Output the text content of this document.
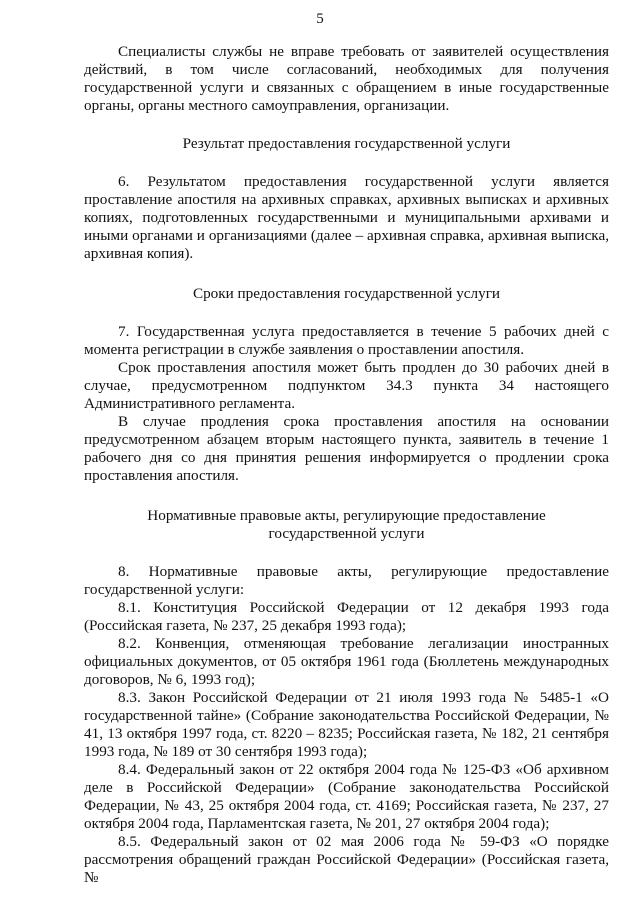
5

Специалисты службы не вправе требовать от заявителей осуществления действий, в том числе согласований, необходимых для получения государственной услуги и связанных с обращением в иные государственные органы, органы местного самоуправления, организации.

Результат предоставления государственной услуги

6. Результатом предоставления государственной услуги является проставление апостиля на архивных справках, архивных выписках и архивных копиях, подготовленных государственными и муниципальными архивами и иными органами и организациями (далее – архивная справка, архивная выписка, архивная копия).

Сроки предоставления государственной услуги

7. Государственная услуга предоставляется в течение 5 рабочих дней с момента регистрации в службе заявления о проставлении апостиля.

Срок проставления апостиля может быть продлен до 30 рабочих дней в случае, предусмотренном подпунктом 34.3 пункта 34 настоящего Административного регламента.

В случае продления срока проставления апостиля на основании предусмотренном абзацем вторым настоящего пункта, заявитель в течение 1 рабочего дня со дня принятия решения информируется о продлении срока проставления апостиля.

Нормативные правовые акты, регулирующие предоставление
государственной услуги

8. Нормативные правовые акты, регулирующие предоставление государственной услуги:

8.1. Конституция Российской Федерации от 12 декабря 1993 года (Российская газета, № 237, 25 декабря 1993 года);

8.2. Конвенция, отменяющая требование легализации иностранных официальных документов, от 05 октября 1961 года (Бюллетень международных договоров, № 6, 1993 год);

8.3. Закон Российской Федерации от 21 июля 1993 года № 5485-1 «О государственной тайне» (Собрание законодательства Российской Федерации, № 41, 13 октября 1997 года, ст. 8220 – 8235; Российская газета, № 182, 21 сентября 1993 года, № 189 от 30 сентября 1993 года);

8.4. Федеральный закон от 22 октября 2004 года № 125-ФЗ «Об архивном деле в Российской Федерации» (Собрание законодательства Российской Федерации, № 43, 25 октября 2004 года, ст. 4169; Российская газета, № 237, 27 октября 2004 года, Парламентская газета, № 201, 27 октября 2004 года);

8.5. Федеральный закон от 02 мая 2006 года № 59-ФЗ «О порядке рассмотрения обращений граждан Российской Федерации» (Российская газета, №
